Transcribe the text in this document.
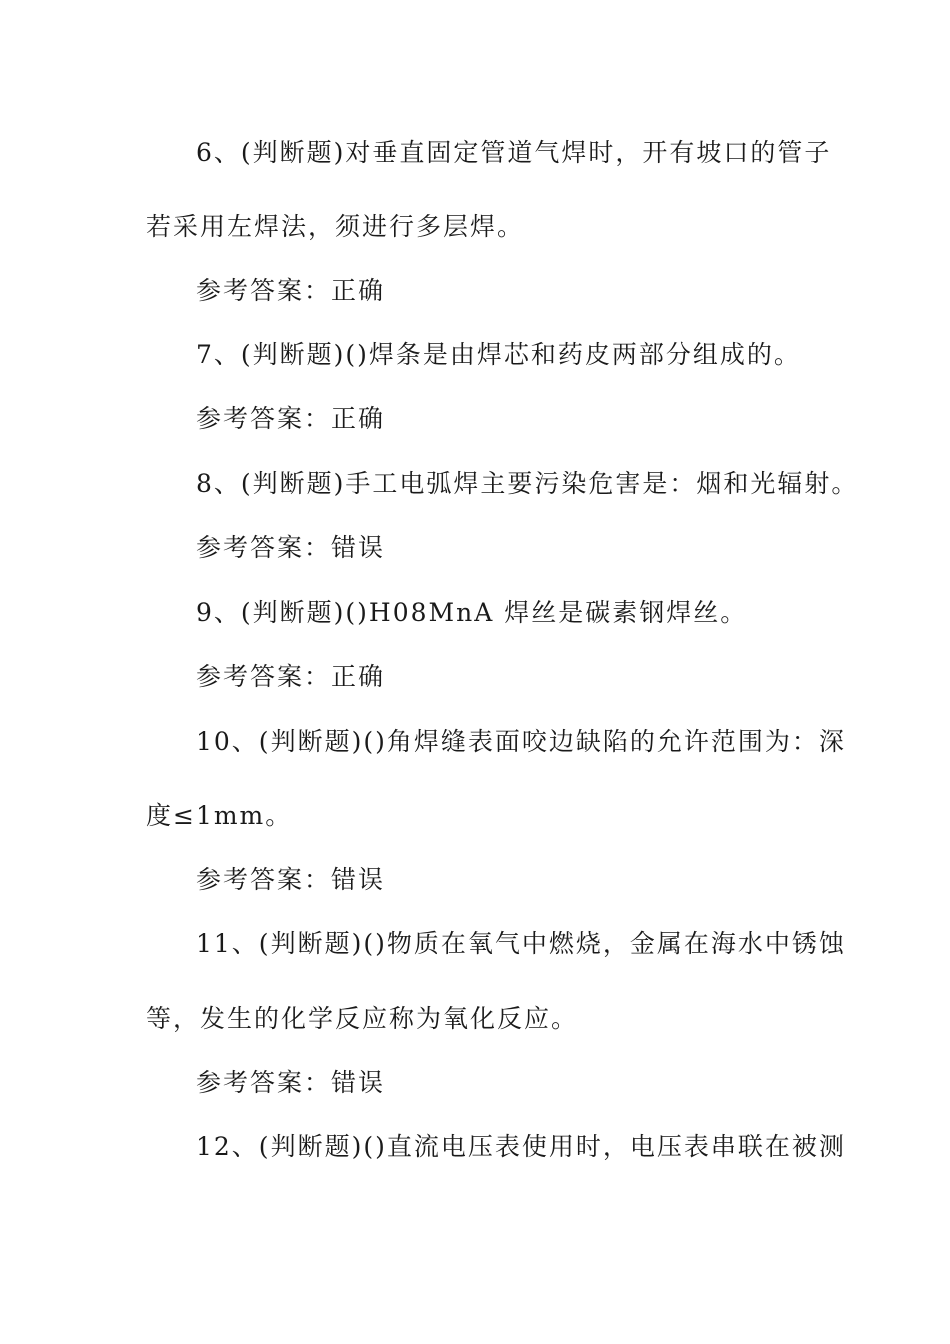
6、(判断题)对垂直固定管道气焊时，开有坡口的管子
若采用左焊法，须进行多层焊。
参考答案：正确
7、(判断题)()焊条是由焊芯和药皮两部分组成的。
参考答案：正确
8、(判断题)手工电弧焊主要污染危害是：烟和光辐射。
参考答案：错误
9、(判断题)()H08MnA 焊丝是碳素钢焊丝。
参考答案：正确
10、(判断题)()角焊缝表面咬边缺陷的允许范围为：深
度≤1mm。
参考答案：错误
11、(判断题)()物质在氧气中燃烧，金属在海水中锈蚀
等，发生的化学反应称为氧化反应。
参考答案：错误
12、(判断题)()直流电压表使用时，电压表串联在被测
